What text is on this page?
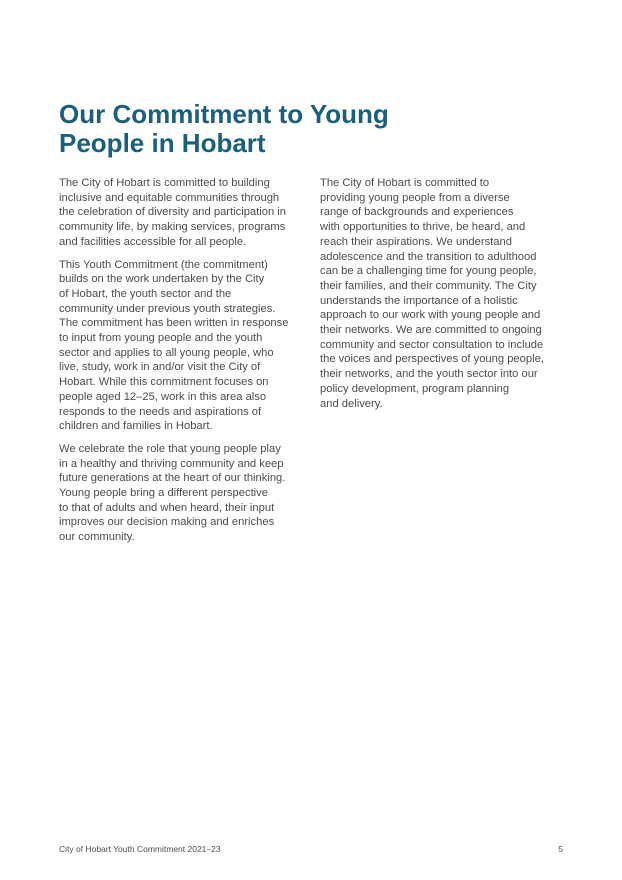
Our Commitment to Young
People in Hobart

The City of Hobart is committed to building
inclusive and equitable communities through
the celebration of diversity and participation in
community life, by making services, programs
and facilities accessible for all people.

This Youth Commitment (the commitment)
builds on the work undertaken by the City
of Hobart, the youth sector and the
community under previous youth strategies.
The commitment has been written in response
to input from young people and the youth
sector and applies to all young people, who
live, study, work in and/or visit the City of
Hobart. While this commitment focuses on
people aged 12–25, work in this area also
responds to the needs and aspirations of
children and families in Hobart.

We celebrate the role that young people play
in a healthy and thriving community and keep
future generations at the heart of our thinking.
Young people bring a different perspective
to that of adults and when heard, their input
improves our decision making and enriches
our community.

The City of Hobart is committed to
providing young people from a diverse
range of backgrounds and experiences
with opportunities to thrive, be heard, and
reach their aspirations. We understand
adolescence and the transition to adulthood
can be a challenging time for young people,
their families, and their community. The City
understands the importance of a holistic
approach to our work with young people and
their networks. We are committed to ongoing
community and sector consultation to include
the voices and perspectives of young people,
their networks, and the youth sector into our
policy development, program planning
and delivery.

City of Hobart Youth Commitment 2021–23	5
